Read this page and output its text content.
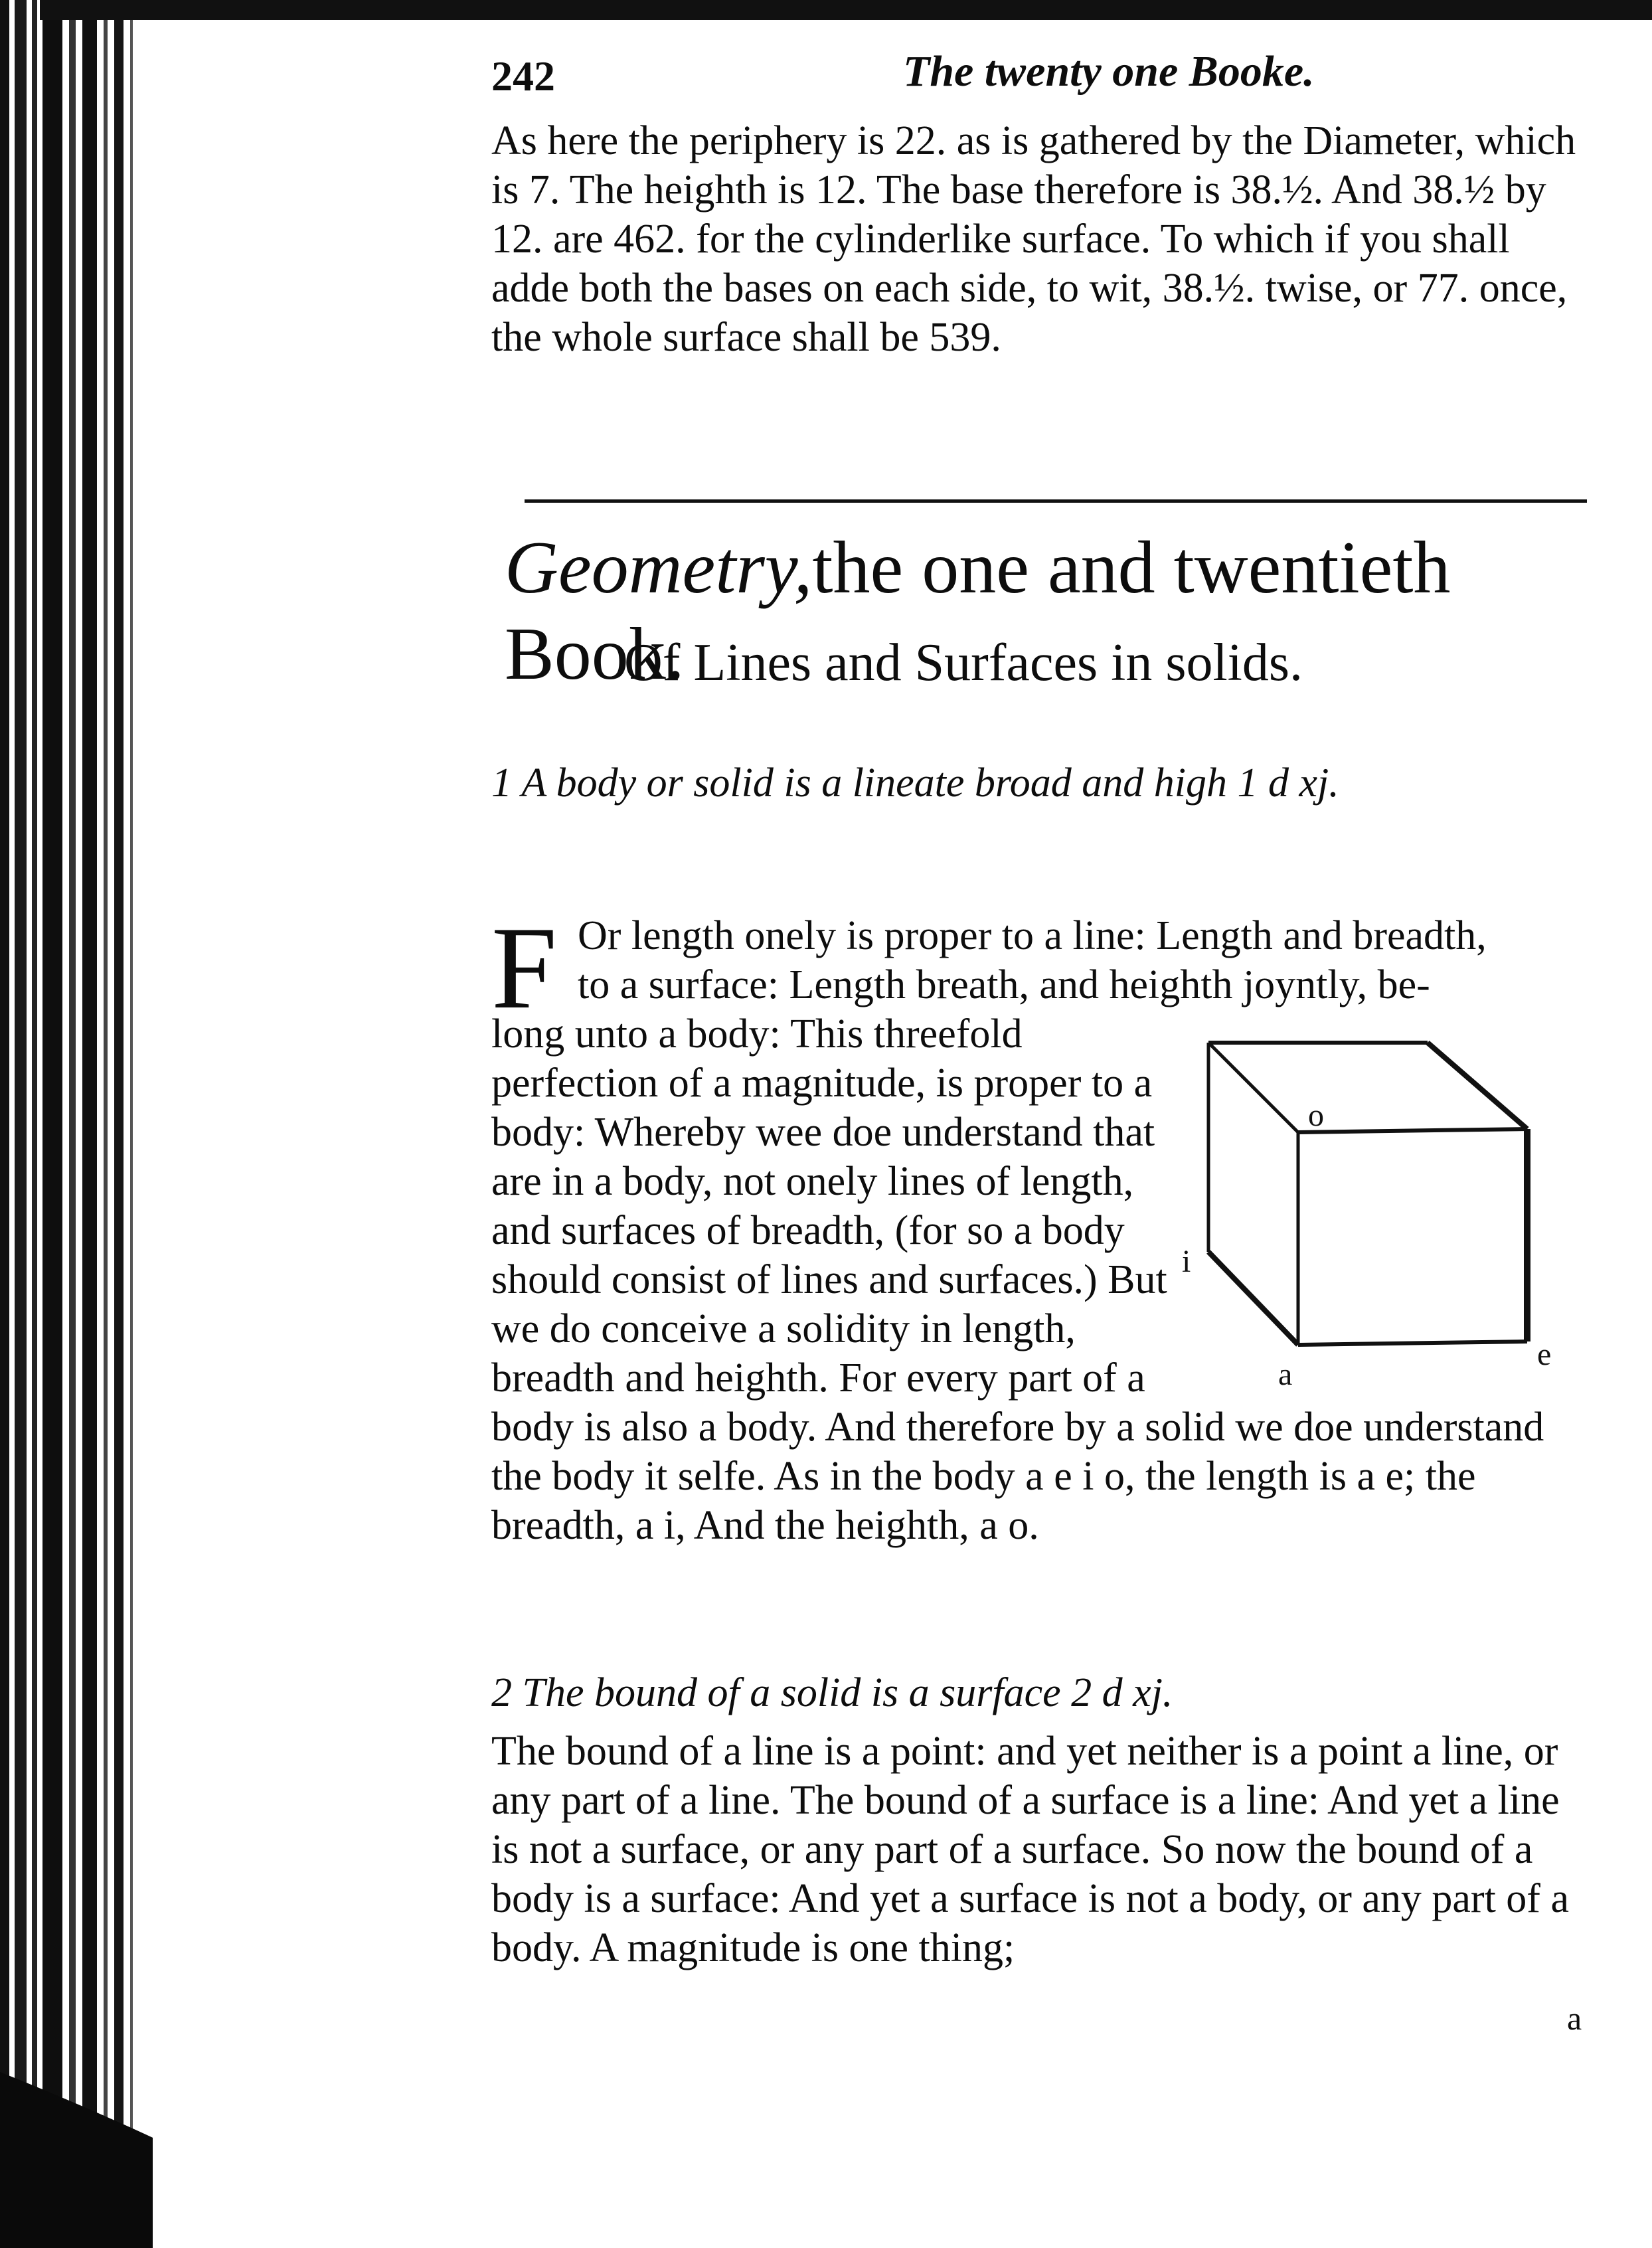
242	The twenty one Booke.

As here the periphery is 22. as is gathered by the Diameter, which is 7. The heighth is 12. The base therefore is 38.½. And 38.½ by 12. are 462. for the cylinderlike surface. To which if you shall adde both the bases on each side, to wit, 38.½. twise, or 77. once, the whole surface shall be 539.

Geometry,the one and twentieth Book.
Of Lines and Surfaces in solids.
1 A body or solid is a lineate broad and high 1 d xj.
F Or length onely is proper to a line: Length and breadth,
to a surface: Length breath, and heighth joyntly, be-
long unto a body: This threefold perfection of a magnitude, is proper to a body: Whereby wee doe understand that are in a body, not onely lines of length, and surfaces of breadth, (for so a body should consist of lines and surfaces.) But we do conceive a solidity in length, breadth and heighth. For every part of a body is also a body. And therefore by a solid we doe understand the body it selfe. As in the body a e i o, the length is a e; the breadth, a i, And the heighth, a o.
2 The bound of a solid is a surface 2 d xj.

The bound of a line is a point: and yet neither is a point a line, or any part of a line. The bound of a surface is a line: And yet a line is not a surface, or any part of a surface. So now the bound of a body is a surface: And yet a surface is not a body, or any part of a body. A magnitude is one thing;

a
o
i
a
e
